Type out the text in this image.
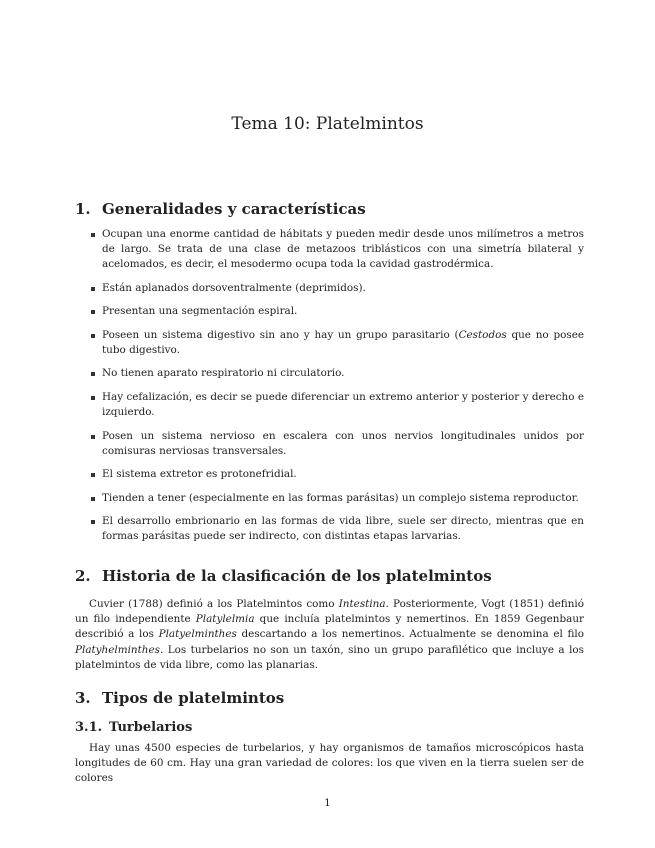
Tema 10: Platelmintos
1. Generalidades y características
Ocupan una enorme cantidad de hábitats y pueden medir desde unos milímetros a metros de largo. Se trata de una clase de metazoos triblásticos con una simetría bilateral y acelomados, es decir, el mesodermo ocupa toda la cavidad gastrodérmica.
Están aplanados dorsoventralmente (deprimidos).
Presentan una segmentación espiral.
Poseen un sistema digestivo sin ano y hay un grupo parasitario (Cestodos que no posee tubo digestivo.
No tienen aparato respiratorio ni circulatorio.
Hay cefalización, es decir se puede diferenciar un extremo anterior y posterior y derecho e izquierdo.
Posen un sistema nervioso en escalera con unos nervios longitudinales unidos por comisuras nerviosas transversales.
El sistema extretor es protonefridial.
Tienden a tener (especialmente en las formas parásitas) un complejo sistema reproductor.
El desarrollo embrionario en las formas de vida libre, suele ser directo, mientras que en formas parásitas puede ser indirecto, con distintas etapas larvarias.
2. Historia de la clasificación de los platelmintos

Cuvier (1788) definió a los Platelmintos como Intestina. Posteriormente, Vogt (1851) definió un filo independiente Platylelmia que incluía platelmintos y nemertinos. En 1859 Gegenbaur describió a los Platyelminthes descartando a los nemertinos. Actualmente se denomina el filo Platyhelminthes. Los turbelarios no son un taxón, sino un grupo parafilético que incluye a los platelmintos de vida libre, como las planarias.

3. Tipos de platelmintos
3.1. Turbelarios

Hay unas 4500 especies de turbelarios, y hay organismos de tamaños microscópicos hasta longitudes de 60 cm. Hay una gran variedad de colores: los que viven en la tierra suelen ser de colores

1
